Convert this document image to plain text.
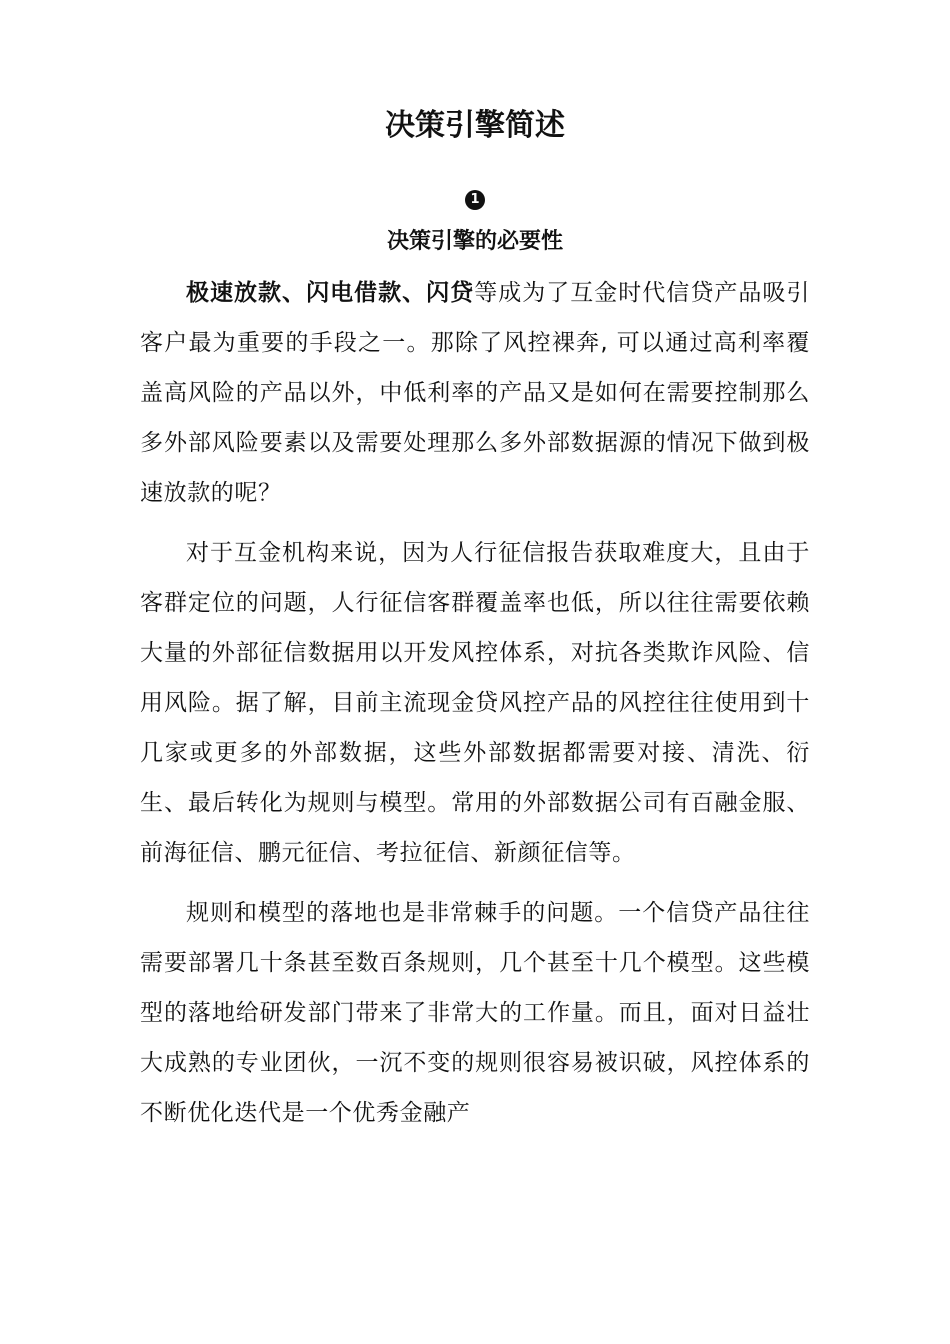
决策引擎简述
1
决策引擎的必要性

极速放款、闪电借款、闪贷等成为了互金时代信贷产品吸引客户最为重要的手段之一。那除了风控裸奔, 可以通过高利率覆盖高风险的产品以外，中低利率的产品又是如何在需要控制那么多外部风险要素以及需要处理那么多外部数据源的情况下做到极速放款的呢？

对于互金机构来说，因为人行征信报告获取难度大，且由于客群定位的问题，人行征信客群覆盖率也低，所以往往需要依赖大量的外部征信数据用以开发风控体系，对抗各类欺诈风险、信用风险。据了解，目前主流现金贷风控产品的风控往往使用到十几家或更多的外部数据，这些外部数据都需要对接、清洗、衍生、最后转化为规则与模型。常用的外部数据公司有百融金服、前海征信、鹏元征信、考拉征信、新颜征信等。

规则和模型的落地也是非常棘手的问题。一个信贷产品往往需要部署几十条甚至数百条规则，几个甚至十几个模型。这些模型的落地给研发部门带来了非常大的工作量。而且，面对日益壮大成熟的专业团伙，一沉不变的规则很容易被识破，风控体系的不断优化迭代是一个优秀金融产
